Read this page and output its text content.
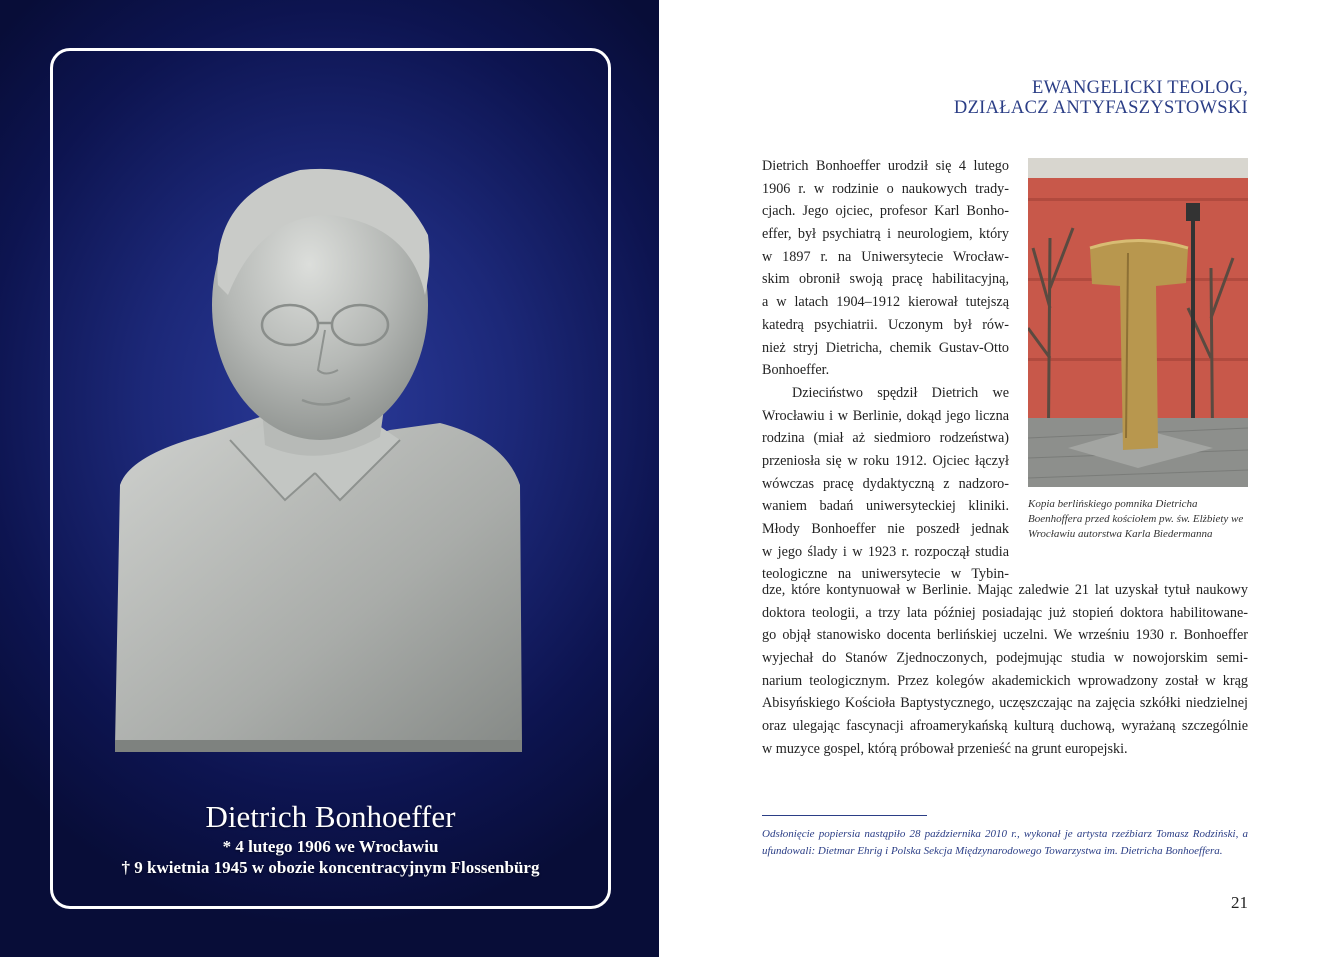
Dietrich Bonhoeffer
* 4 lutego 1906 we Wrocławiu
† 9 kwietnia 1945 w obozie koncentracyjnym Flossenbürg
EWANGELICKI TEOLOG,
DZIAŁACZ ANTYFASZYSTOWSKI
Dietrich Bonhoeffer urodził się 4 lutego
1906 r. w rodzinie o naukowych trady-
cjach. Jego ojciec, profesor Karl Bonho-
effer, był psychiatrą i neurologiem, który
w 1897 r. na Uniwersytecie Wrocław-
skim obronił swoją pracę habilitacyjną,
a w latach 1904–1912 kierował tutejszą
katedrą psychiatrii. Uczonym był rów-
nież stryj Dietricha, chemik Gustav-Otto
Bonhoeffer.
Dzieciństwo spędził Dietrich we
Wrocławiu i w Berlinie, dokąd jego liczna
rodzina (miał aż siedmioro rodzeństwa)
przeniosła się w roku 1912. Ojciec łączył
wówczas pracę dydaktyczną z nadzoro-
waniem badań uniwersyteckiej kliniki.
Młody Bonhoeffer nie poszedł jednak
w jego ślady i w 1923 r. rozpoczął studia
teologiczne na uniwersytecie w Tybin-
Kopia berlińskiego pomnika Dietricha Boenhoffera przed kościołem pw. św. Elżbiety we Wrocławiu autorstwa Karla Biedermanna
dze, które kontynuował w Berlinie. Mając zaledwie 21 lat uzyskał tytuł naukowy
doktora teologii, a trzy lata później posiadając już stopień doktora habilitowane-
go objął stanowisko docenta berlińskiej uczelni. We wrześniu 1930 r. Bonhoeffer
wyjechał do Stanów Zjednoczonych, podejmując studia w nowojorskim semi-
narium teologicznym. Przez kolegów akademickich wprowadzony został w krąg
Abisyńskiego Kościoła Baptystycznego, uczęszczając na zajęcia szkółki niedzielnej
oraz ulegając fascynacji afroamerykańską kulturą duchową, wyrażaną szczególnie
w muzyce gospel, którą próbował przenieść na grunt europejski.
Odsłonięcie popiersia nastąpiło 28 października 2010 r., wykonał je artysta rzeźbiarz Tomasz Rodziński, a ufundowali: Dietmar Ehrig i Polska Sekcja Międzynarodowego Towarzystwa im. Dietricha Bonhoeffera.
21
